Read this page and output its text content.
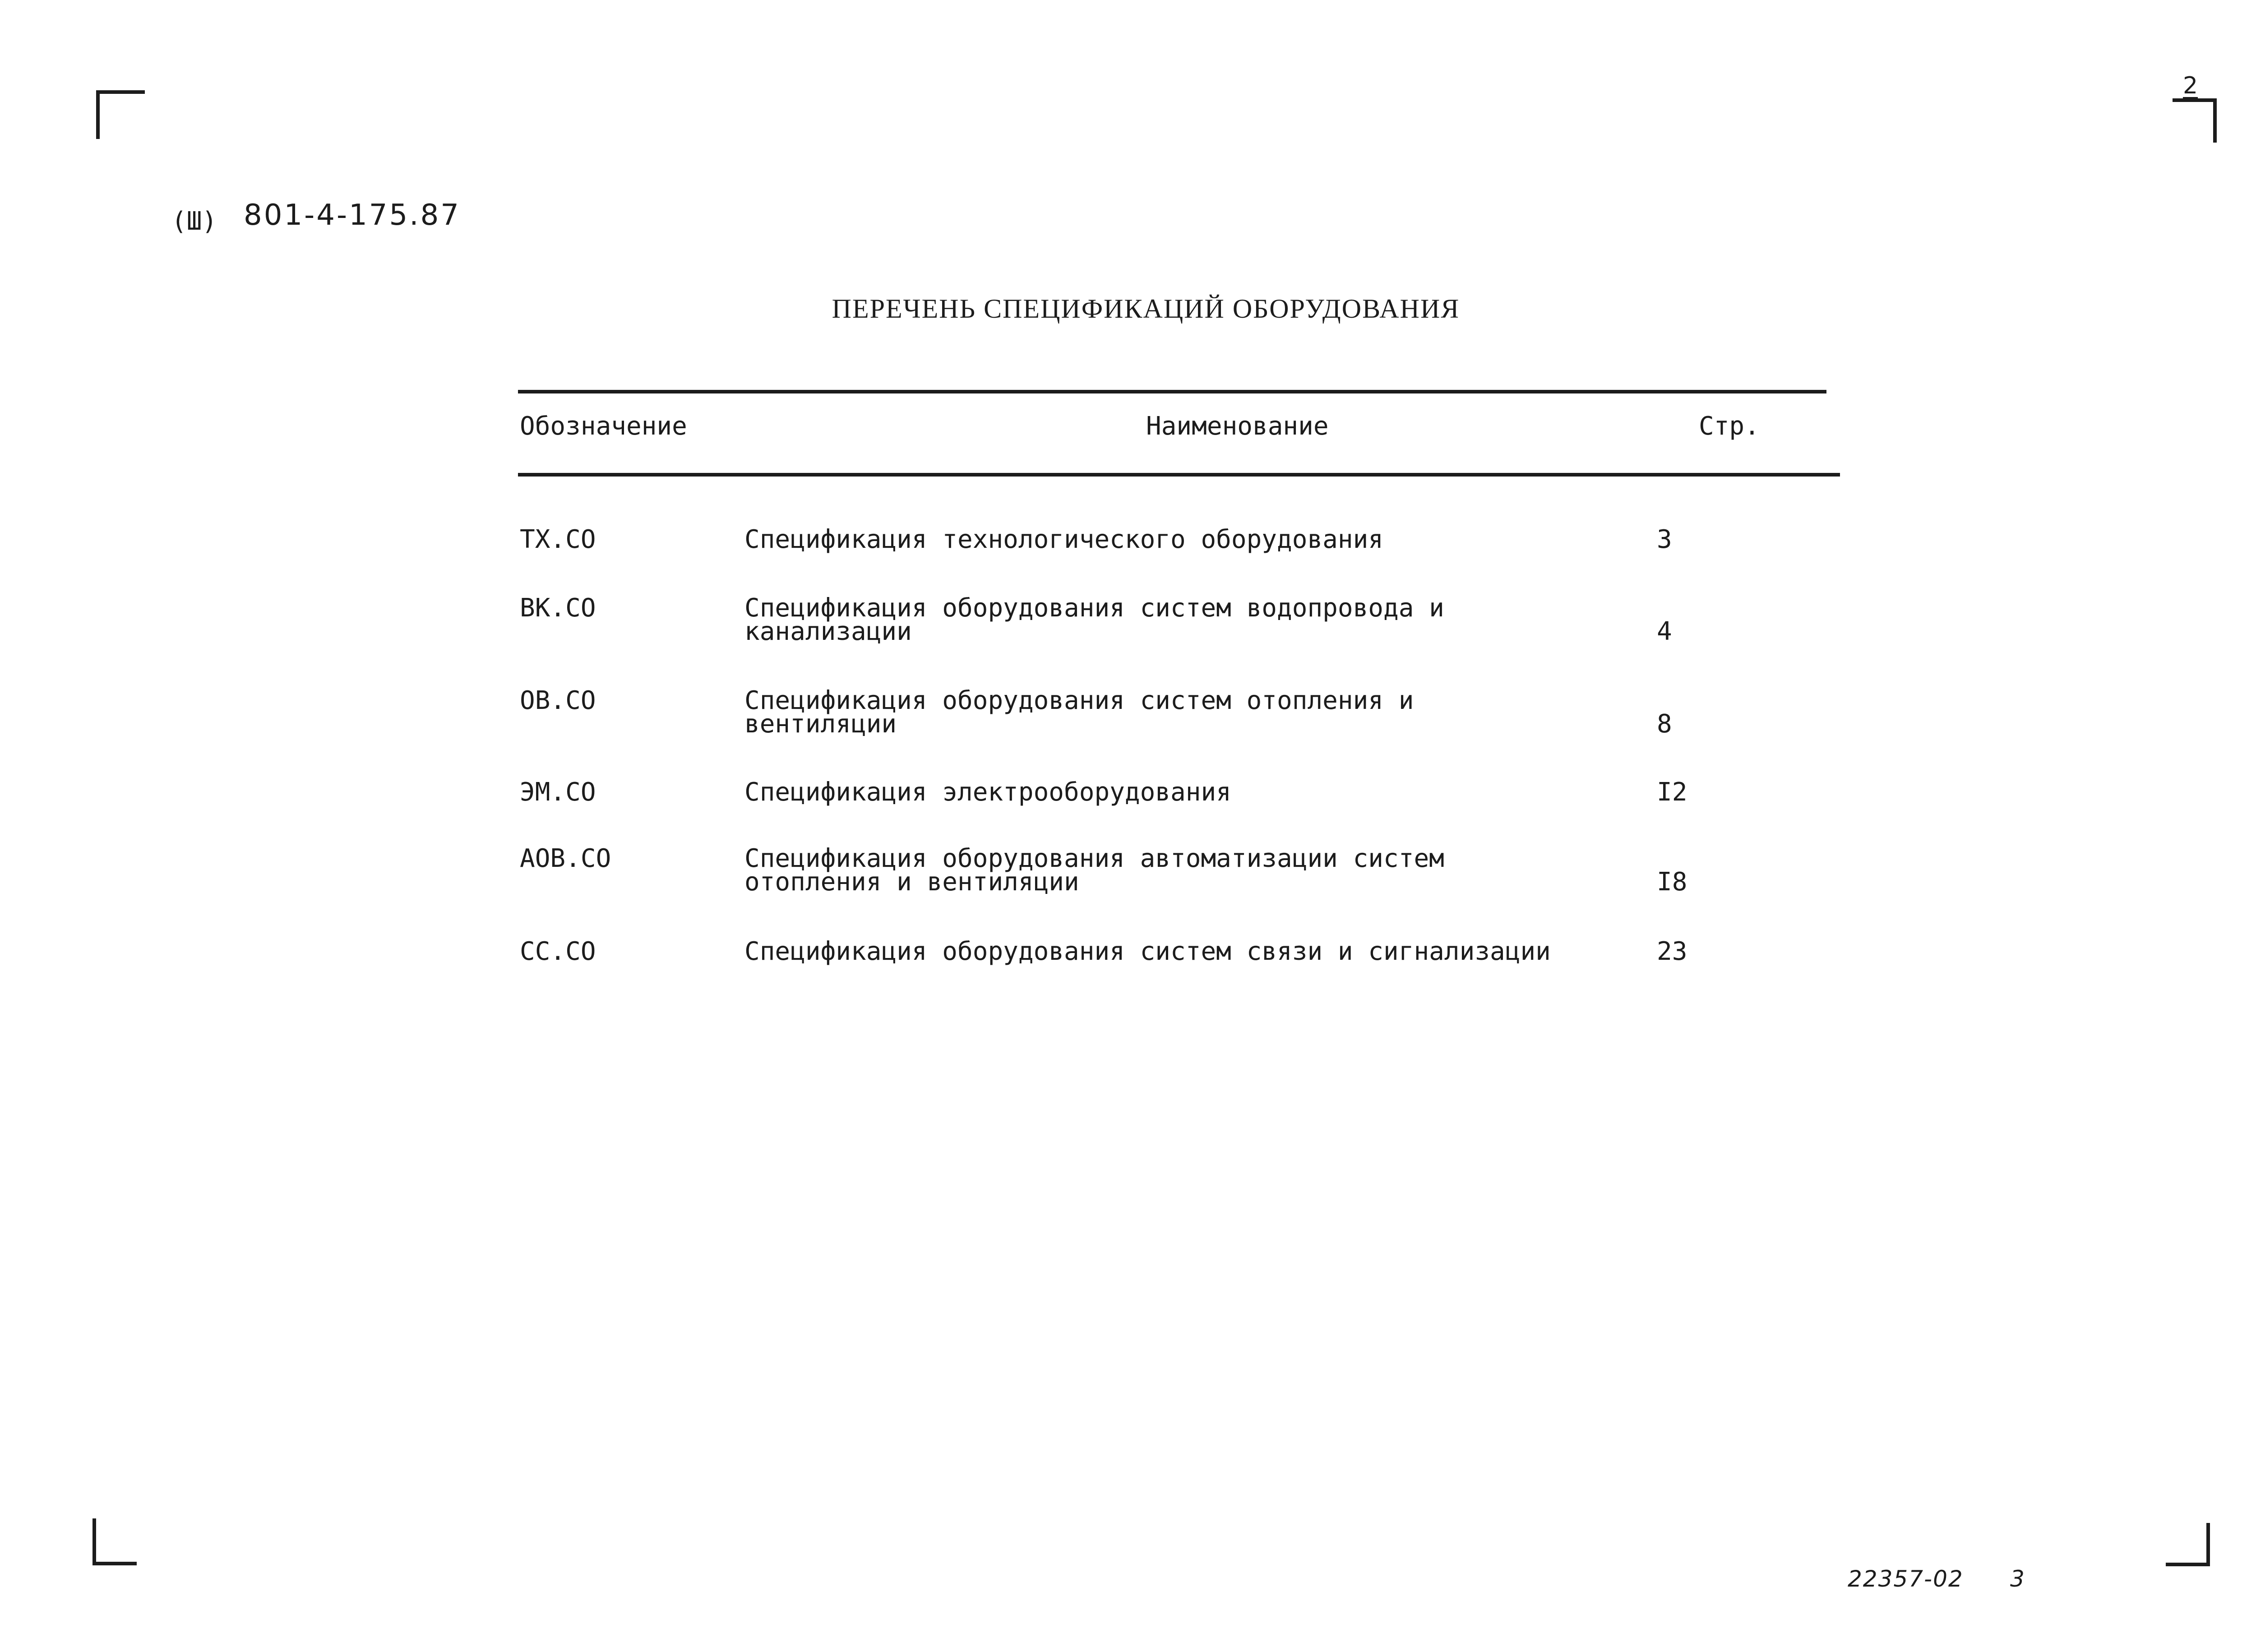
2
(Ш) 801-4-175.87
ПЕРЕЧЕНЬ СПЕЦИФИКАЦИЙ ОБОРУДОВАНИЯ
Обозначение	Наименование	Стр.
ТХ.СО	Спецификация технологического оборудования	3
ВК.СО	Спецификация оборудования систем водопровода и
канализации	4
ОВ.СО	Спецификация оборудования систем отопления и
вентиляции	8
ЭМ.СО	Спецификация электрооборудования	I2
АОВ.СО	Спецификация оборудования автоматизации систем
отопления и вентиляции	I8
СС.СО	Спецификация оборудования систем связи и сигнализации	23
22357-02 3
